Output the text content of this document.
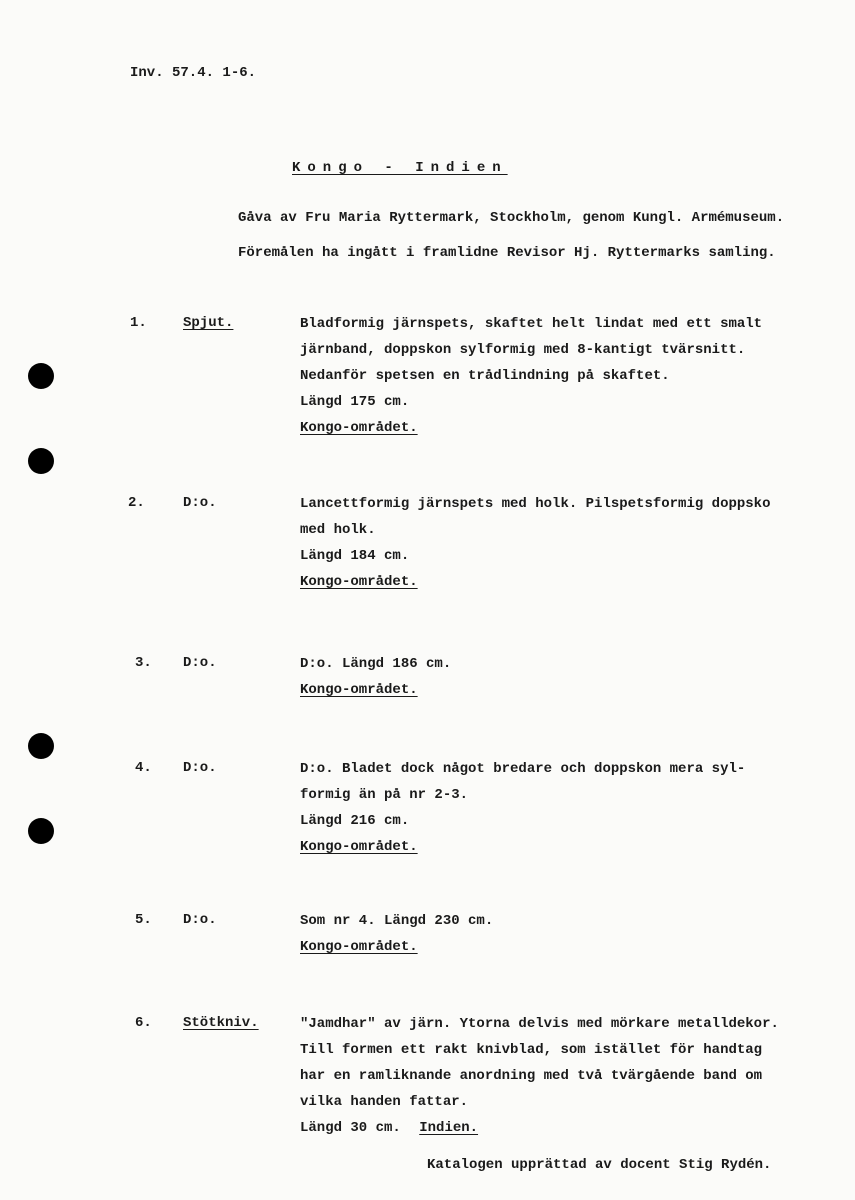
Inv. 57.4. 1-6.
Kongo - Indien
Gåva av Fru Maria Ryttermark, Stockholm, genom Kungl. Armémuseum.
Föremålen ha ingått i framlidne Revisor Hj. Ryttermarks samling.
1.	Spjut.	Bladformig järnspets, skaftet helt lindat med ett smalt
järnband, doppskon sylformig med 8-kantigt tvärsnitt.
Nedanför spetsen en trådlindning på skaftet.
Längd 175 cm.
Kongo-området.
2.	D:o.	Lancettformig järnspets med holk. Pilspetsformig doppsko
med holk.
Längd 184 cm.
Kongo-området.
3. D:o.	D:o. Längd 186 cm.
Kongo-området.
4. D:o.	D:o. Bladet dock något bredare och doppskon mera syl-
formig än på nr 2-3.
Längd 216 cm.
Kongo-området.
5. D:o.	Som nr 4. Längd 230 cm.
Kongo-området.
6. Stötkniv.	"Jamdhar" av järn. Ytorna delvis med mörkare metalldekor.
Till formen ett rakt knivblad, som istället för handtag
har en ramliknande anordning med två tvärgående band om
vilka handen fattar.
Längd 30 cm. Indien.
Katalogen upprättad av docent Stig Rydén.
